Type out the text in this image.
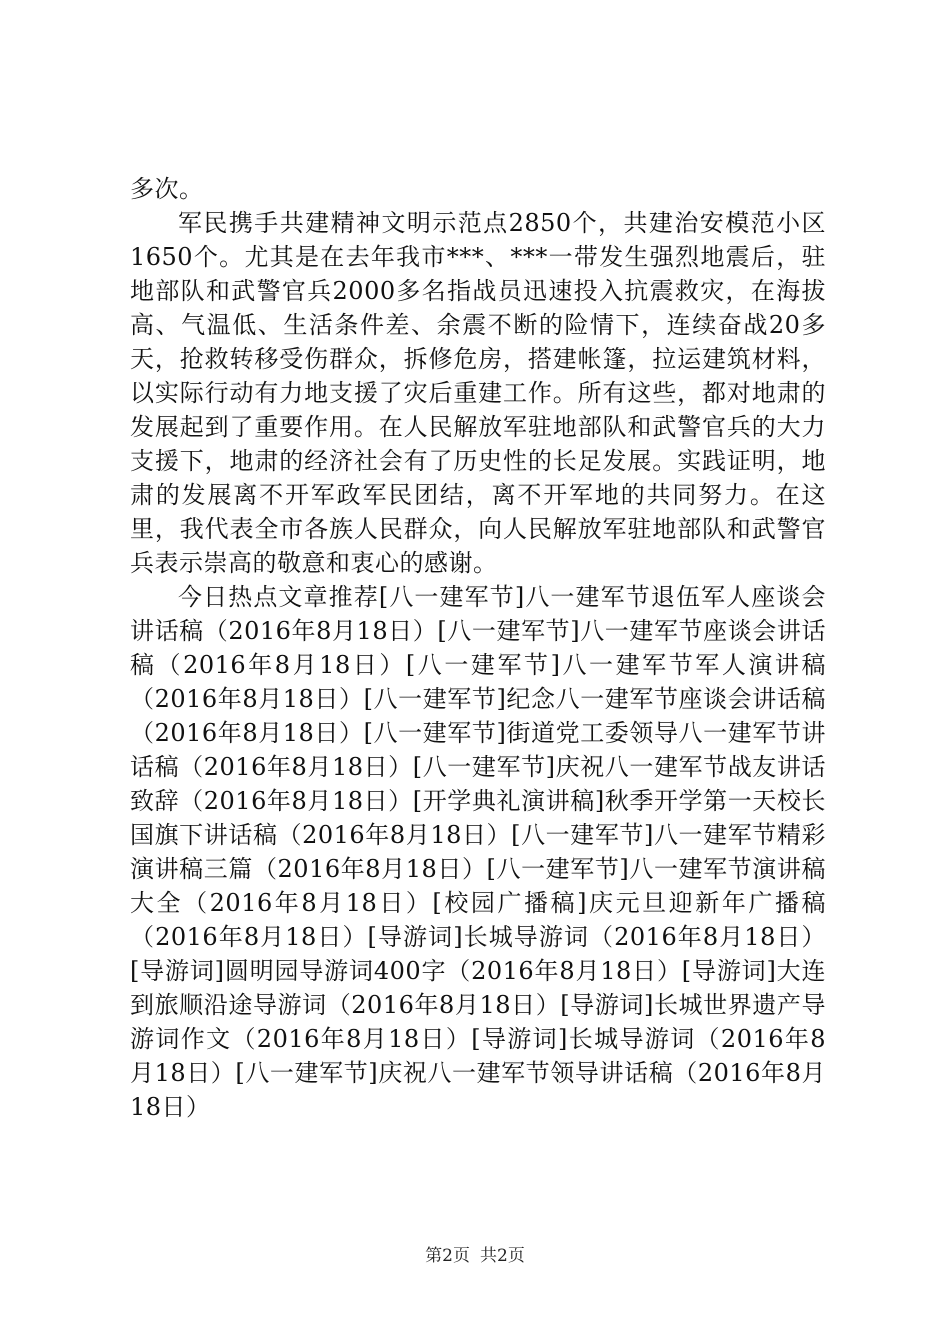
多次。

军民携手共建精神文明示范点2850个，共建治安模范小区1650个。尤其是在去年我市***、***一带发生强烈地震后，驻地部队和武警官兵2000多名指战员迅速投入抗震救灾，在海拔高、气温低、生活条件差、余震不断的险情下，连续奋战20多天，抢救转移受伤群众，拆修危房，搭建帐篷，拉运建筑材料，以实际行动有力地支援了灾后重建工作。所有这些，都对地肃的发展起到了重要作用。在人民解放军驻地部队和武警官兵的大力支援下，地肃的经济社会有了历史性的长足发展。实践证明，地肃的发展离不开军政军民团结，离不开军地的共同努力。在这里，我代表全市各族人民群众，向人民解放军驻地部队和武警官兵表示崇高的敬意和衷心的感谢。

今日热点文章推荐[八一建军节]八一建军节退伍军人座谈会讲话稿（2016年8月18日）[八一建军节]八一建军节座谈会讲话稿（2016年8月18日）[八一建军节]八一建军节军人演讲稿（2016年8月18日）[八一建军节]纪念八一建军节座谈会讲话稿（2016年8月18日）[八一建军节]街道党工委领导八一建军节讲话稿（2016年8月18日）[八一建军节]庆祝八一建军节战友讲话致辞（2016年8月18日）[开学典礼演讲稿]秋季开学第一天校长国旗下讲话稿（2016年8月18日）[八一建军节]八一建军节精彩演讲稿三篇（2016年8月18日）[八一建军节]八一建军节演讲稿大全（2016年8月18日）[校园广播稿]庆元旦迎新年广播稿（2016年8月18日）[导游词]长城导游词（2016年8月18日）[导游词]圆明园导游词400字（2016年8月18日）[导游词]大连到旅顺沿途导游词（2016年8月18日）[导游词]长城世界遗产导游词作文（2016年8月18日）[导游词]长城导游词（2016年8月18日）[八一建军节]庆祝八一建军节领导讲话稿（2016年8月18日）

第2页 共2页
